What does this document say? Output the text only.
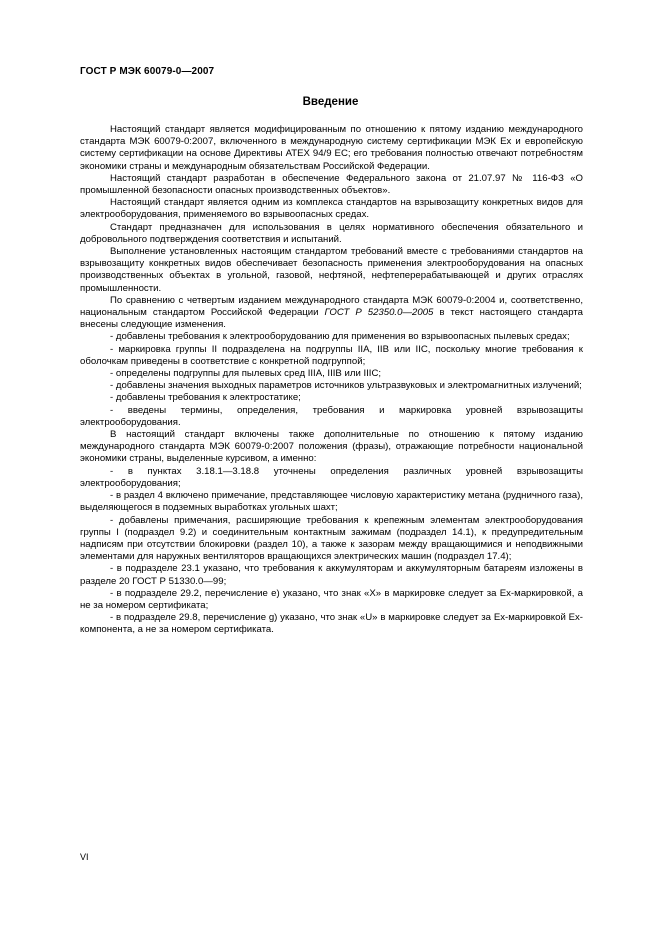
ГОСТ Р МЭК 60079-0—2007
Введение

Настоящий стандарт является модифицированным по отношению к пятому изданию международного стандарта МЭК 60079-0:2007, включенного в международную систему сертификации МЭК Ex и европейскую систему сертификации на основе Директивы АТЕХ 94/9 ЕС; его требования полностью отвечают потребностям экономики страны и международным обязательствам Российской Федерации.

Настоящий стандарт разработан в обеспечение Федерального закона от 21.07.97 № 116-ФЗ «О промышленной безопасности опасных производственных объектов».

Настоящий стандарт является одним из комплекса стандартов на взрывозащиту конкретных видов для электрооборудования, применяемого во взрывоопасных средах.

Стандарт предназначен для использования в целях нормативного обеспечения обязательного и добровольного подтверждения соответствия и испытаний.

Выполнение установленных настоящим стандартом требований вместе с требованиями стандартов на взрывозащиту конкретных видов обеспечивает безопасность применения электрооборудования на опасных производственных объектах в угольной, газовой, нефтяной, нефтеперерабатывающей и других отраслях промышленности.

По сравнению с четвертым изданием международного стандарта МЭК 60079-0:2004 и, соответственно, национальным стандартом Российской Федерации ГОСТ Р 52350.0—2005 в текст настоящего стандарта внесены следующие изменения.

- добавлены требования к электрооборудованию для применения во взрывоопасных пылевых средах;

- маркировка группы II подразделена на подгруппы IIA, IIB или IIC, поскольку многие требования к оболочкам приведены в соответствие с конкретной подгруппой;

- определены подгруппы для пылевых сред IIIA, IIIB или IIIC;

- добавлены значения выходных параметров источников ультразвуковых и электромагнитных излучений;

- добавлены требования к электростатике;

- введены термины, определения, требования и маркировка уровней взрывозащиты электрооборудования.

В настоящий стандарт включены также дополнительные по отношению к пятому изданию международного стандарта МЭК 60079-0:2007 положения (фразы), отражающие потребности национальной экономики страны, выделенные курсивом, а именно:

- в пунктах 3.18.1—3.18.8 уточнены определения различных уровней взрывозащиты электрооборудования;

- в раздел 4 включено примечание, представляющее числовую характеристику метана (рудничного газа), выделяющегося в подземных выработках угольных шахт;

- добавлены примечания, расширяющие требования к крепежным элементам электрооборудования группы I (подраздел 9.2) и соединительным контактным зажимам (подраздел 14.1), к предупредительным надписям при отсутствии блокировки (раздел 10), а также к зазорам между вращающимися и неподвижными элементами для наружных вентиляторов вращающихся электрических машин (подраздел 17.4);

- в подразделе 23.1 указано, что требования к аккумуляторам и аккумуляторным батареям изложены в разделе 20 ГОСТ Р 51330.0—99;

- в подразделе 29.2, перечисление е) указано, что знак «Х» в маркировке следует за Ex-маркировкой, а не за номером сертификата;

- в подразделе 29.8, перечисление g) указано, что знак «U» в маркировке следует за Ex-маркировкой Ex-компонента, а не за номером сертификата.

VI
